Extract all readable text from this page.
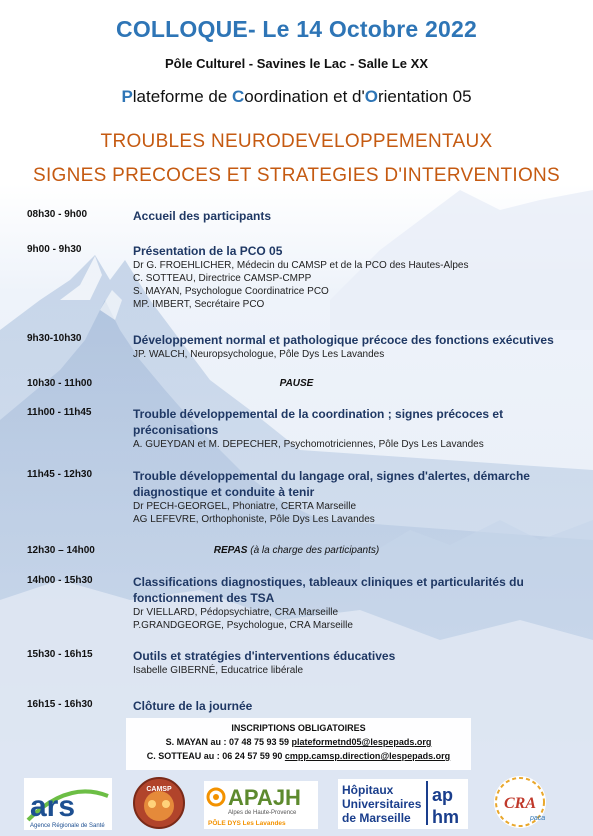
COLLOQUE- Le 14 Octobre 2022
Pôle Culturel - Savines le Lac - Salle Le XX
Plateforme de Coordination et d'Orientation 05
TROUBLES NEURODEVELOPPEMENTAUX
SIGNES PRECOCES ET STRATEGIES D'INTERVENTIONS
08h30 - 9h00	Accueil des participants
9h00 - 9h30	Présentation de la PCO 05
Dr G. FROEHLICHER, Médecin du CAMSP et de la PCO des Hautes-Alpes
C. SOTTEAU, Directrice CAMSP-CMPP
S. MAYAN, Psychologue Coordinatrice PCO
MP. IMBERT, Secrétaire PCO
9h30-10h30	Développement normal et pathologique précoce des fonctions exécutives
JP. WALCH, Neuropsychologue, Pôle Dys Les Lavandes
10h30 - 11h00	PAUSE
11h00 - 11h45	Trouble développemental de la coordination ; signes précoces et préconisations
A. GUEYDAN et M. DEPECHER, Psychomotriciennes, Pôle Dys Les Lavandes
11h45 - 12h30	Trouble développemental du langage oral, signes d'alertes, démarche diagnostique et conduite à tenir
Dr PECH-GEORGEL, Phoniatre, CERTA Marseille
AG LEFEVRE, Orthophoniste, Pôle Dys Les Lavandes
12h30 – 14h00	REPAS (à la charge des participants)
14h00 - 15h30	Classifications diagnostiques, tableaux cliniques et particularités du fonctionnement des TSA
Dr VIELLARD, Pédopsychiatre, CRA Marseille
P.GRANDGEORGE, Psychologue, CRA Marseille
15h30 - 16h15	Outils et stratégies d'interventions éducatives
Isabelle GIBERNÉ, Educatrice libérale
16h15 - 16h30	Clôture de la journée
INSCRIPTIONS OBLIGATOIRES
S. MAYAN au : 07 48 75 93 59 plateformetnd05@lespepads.org
C. SOTTEAU au : 06 24 57 59 90 cmpp.camsp.direction@lespepads.org
ars
Agence Régionale de Santé
CAMSP	APAJH
Alpes de Haute-Provence
PÔLE DYS Les Lavandes
Hôpitaux
Universitaires
de Marseille
ap
hm
CRA
paca
